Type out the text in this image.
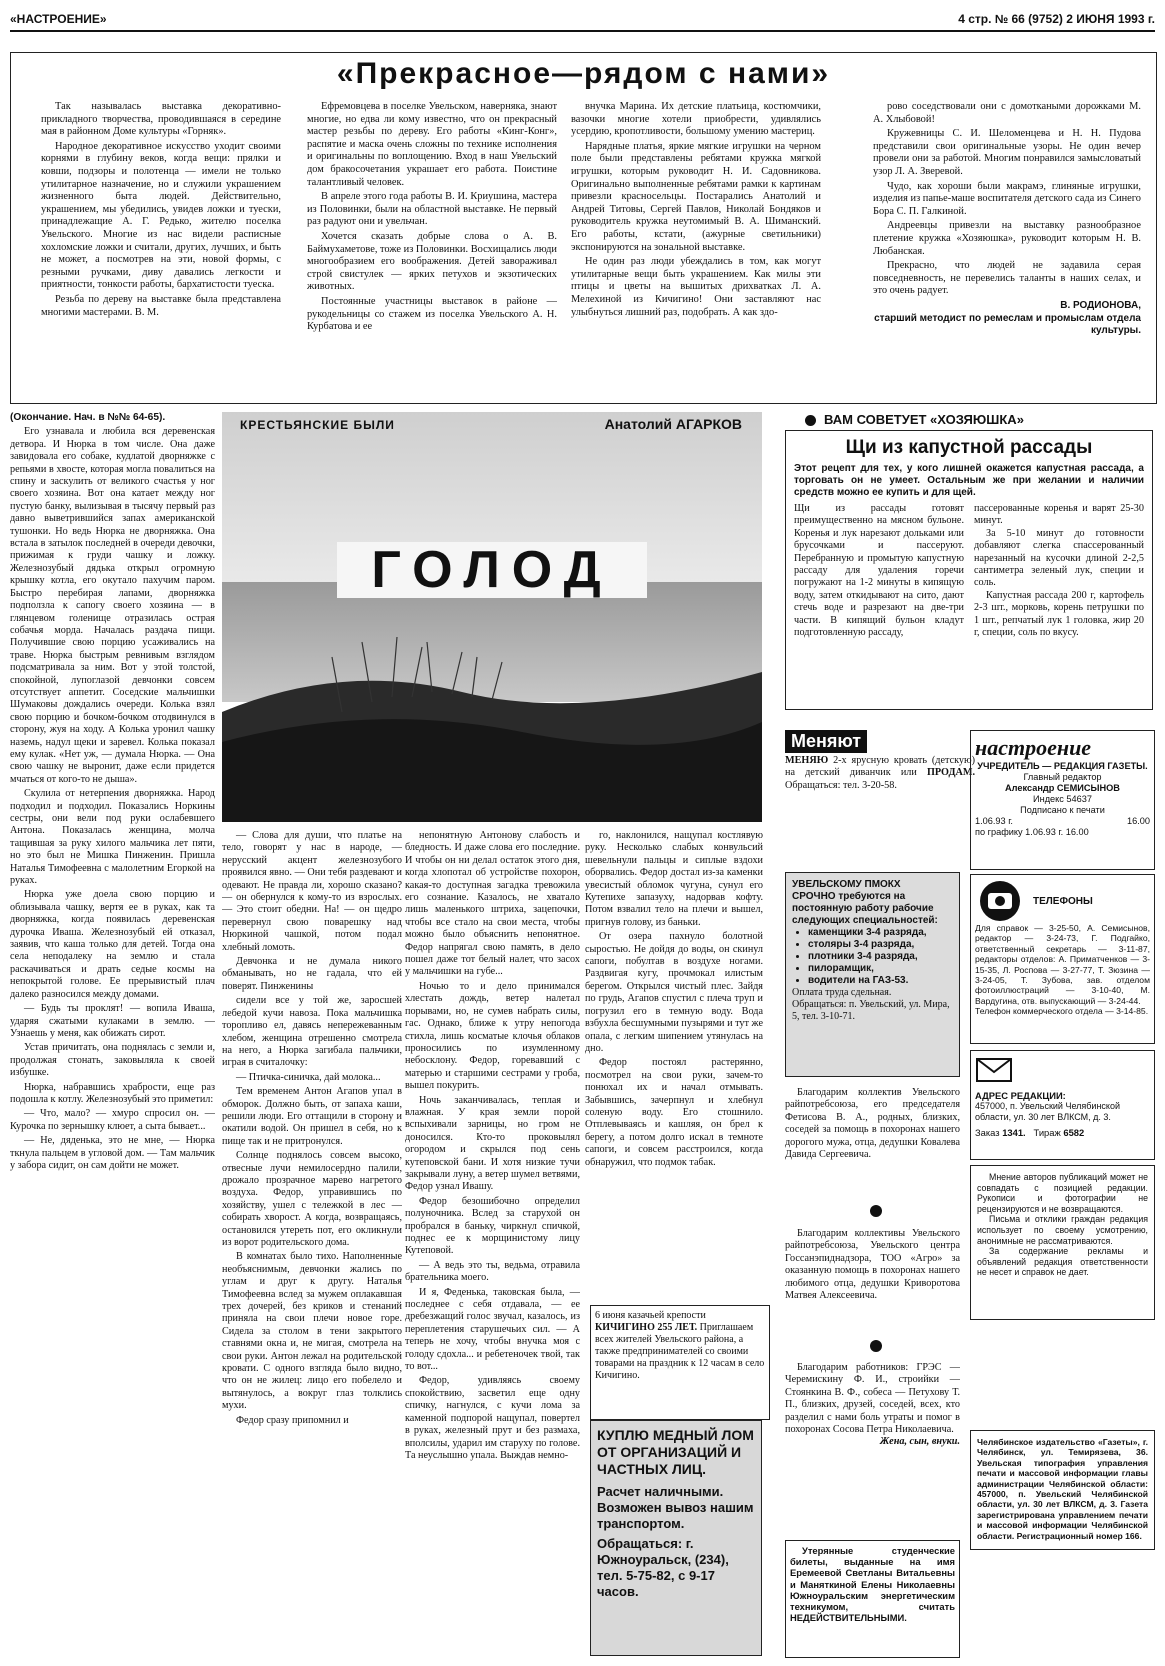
«НАСТРОЕНИЕ»	4 стр. № 66 (9752) 2 ИЮНЯ 1993 г.
«Прекрасное—рядом с нами»

Так называлась выставка декоративно-прикладного творчества, проводившаяся в середине мая в районном Доме культуры «Горняк».

Народное декоративное искусство уходит своими корнями в глубину веков, когда вещи: прялки и ковши, подзоры и полотенца — имели не только утилитарное назначение, но и служили украшением жизненного быта людей. Действительно, украшением, мы убедились, увидев ложки и туески, принадлежащие А. Г. Редько, жителю поселка Увельского. Многие из нас видели расписные хохломские ложки и считали, других, лучших, и быть не может, а посмотрев на эти, новой формы, с резными ручками, диву давались легкости и приятности, тонкости работы, бархатистости туеска.

Резьба по дереву на выставке была представлена многими мастерами. В. М.

Ефремовцева в поселке Увельском, наверняка, знают многие, но едва ли кому известно, что он прекрасный мастер резьбы по дереву. Его работы «Кинг-Конг», распятие и маска очень сложны по технике исполнения и оригинальны по воплощению. Вход в наш Увельский дом бракосочетания украшает его работа. Поистине талантливый человек.

В апреле этого года работы В. И. Криушина, мастера из Половинки, были на областной выставке. Не первый раз радуют они и увельчан.

Хочется сказать добрые слова о А. В. Баймухаметове, тоже из Половинки. Восхищались люди многообразием его воображения. Детей завораживал строй свистулек — ярких петухов и экзотических животных.

Постоянные участницы выставок в районе — рукодельницы со стажем из поселка Увельского А. Н. Курбатова и ее

внучка Марина. Их детские платьица, костюмчики, вазочки многие хотели приобрести, удивлялись усердию, кропотливости, большому умению мастериц.

Нарядные платья, яркие мягкие игрушки на черном поле были представлены ребятами кружка мягкой игрушки, которым руководит Н. И. Садовникова. Оригинально выполненные ребятами рамки к картинам привезли красносельцы. Постарались Анатолий и Андрей Титовы, Сергей Павлов, Николай Бондяков и руководитель кружка неутомимый В. А. Шиманский. Его работы, кстати, (ажурные светильники) экспонируются на зональной выставке.

Не один раз люди убеждались в том, как могут утилитарные вещи быть украшением. Как милы эти птицы и цветы на вышитых дрихватках Л. А. Мелехиной из Кичигино! Они заставляют нас улыбнуться лишний раз, подобрать. А как здо-

рово соседствовали они с домоткаными дорожками М. А. Хлыбовой!

Кружевницы С. И. Шеломенцева и Н. Н. Пудова представили свои оригинальные узоры. Не один вечер провели они за работой. Многим понравился замысловатый узор Л. А. Зверевой.

Чудо, как хороши были макрамэ, глиняные игрушки, изделия из папье-маше воспитателя детского сада из Синего Бора С. П. Галкиной.

Андреевцы привезли на выставку разнообразное плетение кружка «Хозяюшка», руководит которым Н. В. Любанская.

Прекрасно, что людей не задавила серая повседневность, не перевелись таланты в наших селах, и это очень радует.

В. РОДИОНОВА,
старший методист по ремеслам и промыслам отдела культуры.

(Окончание. Нач. в №№ 64-65).

Его узнавала и любила вся деревенская детвора. И Нюрка в том числе. Она даже завидовала его собаке, кудлатой дворняжке с репьями в хвосте, которая могла повалиться на спину и заскулить от великого счастья у ног своего хозяина. Вот она катает между ног пустую банку, вылизывая в тысячу первый раз давно выветрившийся запах американской тушонки. Но ведь Нюрка не дворняжка. Она встала в затылок последней в очереди девочки, прижимая к груди чашку и ложку. Железнозубый дядька открыл огромную крышку котла, его окутало пахучим паром. Быстро перебирая лапами, дворняжка подползла к сапогу своего хозяина — в глянцевом голенище отразилась острая собачья морда. Началась раздача пищи. Получившие свою порцию усаживались на траве. Нюрка быстрым ревнивым взглядом подсматривала за ним. Вот у этой толстой, спокойной, лупоглазой девчонки совсем отсутствует аппетит. Соседские мальчишки Шумаковы дождались очереди. Колька взял свою порцию и бочком-бочком отодвинулся в сторону, жуя на ходу. А Колька уронил чашку наземь, надул щеки и заревел. Колька показал ему кулак. «Нет уж, — думала Нюрка. — Она свою чашку не выронит, даже если придется мчаться от кого-то не дыша».

Скулила от нетерпения дворняжка. Народ подходил и подходил. Показались Норкины сестры, они вели под руки ослабевшего Антона. Показалась женщина, молча тащившая за руку хилого мальчика лет пяти, но это был не Мишка Пинженин. Пришла Наталья Тимофеевна с малолетним Егоркой на руках.

Нюрка уже доела свою порцию и облизывала чашку, вертя ее в руках, как та дворняжка, когда появилась деревенская дурочка Иваша. Железнозубый ей отказал, заявив, что каша только для детей. Тогда она села неподалеку на землю и стала раскачиваться и драть седые космы на непокрытой голове. Ее прерывистый плач далеко разносился между домами.

— Будь ты проклят! — вопила Иваша, ударяя сжатыми кулаками в землю. — Узнаешь у меня, как обижать сирот.

Устав причитать, она поднялась с земли и, продолжая стонать, заковыляла к своей избушке.

Нюрка, набравшись храбрости, еще раз подошла к котлу. Железнозубый это приметил:

— Что, мало? — хмуро спросил он. — Курочка по зернышку клюет, а сыта бывает...

— Не, дяденька, это не мне, — Нюрка ткнула пальцем в угловой дом. — Там мальчик у забора сидит, он сам дойти не может.

КРЕСТЬЯНСКИЕ БЫЛИ	Анатолий АГАРКОВ
ГОЛОД

— Слова для души, что платье на тело, говорят у нас в народе, — нерусский акцент железнозубого проявился явно. — Они тебя раздевают и одевают. Не правда ли, хорошо сказано? — он обернулся к кому-то из взрослых. — Это стоит обедни. На! — он щедро перевернул свою поварешку над Нюркиной чашкой, потом подал хлебный ломоть.

Девчонка и не думала никого обманывать, но не гадала, что ей поверят. Пинженины

сидели все у той же, заросшей лебедой кучи навоза. Пока мальчишка торопливо ел, давясь непережеванным хлебом, женщина отрешенно смотрела на него, а Нюрка загибала пальчики, играя в считалочку:

— Птичка-синичка, дай молока...

Тем временем Антон Агапов упал в обморок. Должно быть, от запаха каши, решили люди. Его оттащили в сторону и окатили водой. Он пришел в себя, но к пище так и не притронулся.

Солнце поднялось совсем высоко, отвесные лучи немилосердно палили, дрожало прозрачное марево нагретого воздуха. Федор, управившись по хозяйству, ушел с тележкой в лес — собирать хворост. А когда, возвращаясь, остановился утереть пот, его окликнули из ворот родительского дома.

В комнатах было тихо. Наполненные необъяснимым, девчонки жались по углам и друг к другу. Наталья Тимофеевна вслед за мужем оплакавшая трех дочерей, без криков и стенаний приняла на свои плечи новое горе. Сидела за столом в тени закрытого ставнями окна и, не мигая, смотрела на свои руки. Антон лежал на родительской кровати. С одного взгляда было видно, что он не жилец: лицо его побелело и вытянулось, а вокруг глаз толклись мухи.

Федор сразу припомнил и

непонятную Антонову слабость и бледность. И даже слова его последние. И чтобы он ни делал остаток этого дня, когда хлопотал об устройстве похорон, какая-то доступная загадка тревожила его сознание. Казалось, не хватало лишь маленького штриха, зацепочки, чтобы все стало на свои места, чтобы можно было объяснить непонятное. Федор напрягал свою память, в дело пошел даже тот белый налет, что засох у мальчишки на губе...

Ночью то и дело принимался хлестать дождь, ветер налетал порывами, но, не сумев набрать силы, гас. Однако, ближе к утру непогода стихла, лишь косматые клочья облаков проносились по изумленному небосклону. Федор, горевавший с матерью и старшими сестрами у гроба, вышел покурить.

Ночь заканчивалась, теплая и влажная. У края земли порой вспыхивали зарницы, но гром не доносился. Кто-то проковылял огородом и скрылся под сень кутеповской бани. И хотя низкие тучи закрывали луну, а ветер шумел ветвями, Федор узнал Ивашу.

Федор безошибочно определил полуночника. Вслед за старухой он пробрался в баньку, чиркнул спичкой, поднес ее к морщинистому лицу Кутеповой.

— А ведь это ты, ведьма, отравила брательника моего.

И я, Феденька, таковская была, — последнее с себя отдавала, — ее дребезжащий голос звучал, казалось, из переплетения старушечьих сил. — А теперь не хочу, чтобы внучка моя с голоду сдохла... и ребетеночек твой, так то вот...

Федор, удивляясь своему спокойствию, засветил еще одну спичку, нагнулся, с кучи лома за каменной подпорой нащупал, повертел в руках, железный прут и без размаха, вполсилы, ударил им старуху по голове. Та неуслышно упала. Выждав немно-

го, наклонился, нащупал костлявую руку. Несколько слабых конвульсий шевельнули пальцы и сиплые вздохи оборвались. Федор достал из-за каменки увесистый обломок чугуна, сунул его Кутепихе запазуху, надорвав кофту. Потом взвалил тело на плечи и вышел, пригнув голову, из баньки.

От озера пахнуло болотной сыростью. Не дойдя до воды, он скинул сапоги, побултав в воздухе ногами. Раздвигая кугу, прочмокал илистым берегом. Открылся чистый плес. Зайдя по грудь, Агапов спустил с плеча труп и погрузил его в темную воду. Вода взбухла бесшумными пузырями и тут же опала, с легким шипением утянулась на дно.

Федор постоял растерянно, посмотрел на свои руки, зачем-то понюхал их и начал отмывать. Забывшись, зачерпнул и хлебнул соленую воду. Его стошнило. Отплевываясь и кашляя, он брел к берегу, а потом долго искал в темноте сапоги, и совсем расстроился, когда обнаружил, что подмок табак.

6 июня казачьей крепости КИЧИГИНО 255 ЛЕТ. Приглашаем всех жителей Увельского района, а также предпринимателей со своими товарами на праздник к 12 часам в село Кичигино.
КУПЛЮ МЕДНЫЙ ЛОМ ОТ ОРГАНИЗАЦИЙ И ЧАСТНЫХ ЛИЦ.
Расчет наличными.
Возможен вывоз нашим транспортом.
Обращаться: г. Южноуральск, (234), тел. 5-75-82, с 9-17 часов.
ВАМ СОВЕТУЕТ «ХОЗЯЮШКА»
Щи из капустной рассады
Этот рецепт для тех, у кого лишней окажется капустная рассада, а торговать он не умеет. Остальным же при желании и наличии средств можно ее купить и для щей.
Щи из рассады готовят преимущественно на мясном бульоне. Коренья и лук нарезают дольками или брусочками и пассеруют. Перебранную и промытую капустную рассаду для удаления горечи погружают на 1-2 минуты в кипящую воду, затем откидывают на сито, дают стечь воде и разрезают на две-три части. В кипящий бульон кладут подготовленную рассаду,
пассерованные коренья и варят 25-30 минут.
За 5-10 минут до готовности добавляют слегка спассерованный нарезанный на кусочки длиной 2-2,5 сантиметра зеленый лук, специи и соль.
Капустная рассада 200 г, картофель 2-3 шт., морковь, корень петрушки по 1 шт., репчатый лук 1 головка, жир 20 г, специи, соль по вкусу.
Меняют
МЕНЯЮ 2-х ярусную кровать (детскую) на детский диванчик или ПРОДАМ. Обращаться: тел. 3-20-58.
УВЕЛЬСКОМУ ПМОКХ
СРОЧНО требуются на постоянную работу рабочие следующих специальностей:
• каменщики 3-4 разряда,
• столяры 3-4 разряда,
• плотники 3-4 разряда,
• пилорамщик,
• водители на ГАЗ-53.
Оплата труда сдельная.
Обращаться: п. Увельский, ул. Мира, 5, тел. 3-10-71.
Благодарим коллектив Увельского райпотребсоюза, его председателя Фетисова В. А., родных, близких, соседей за помощь в похоронах нашего дорогого мужа, отца, дедушки Ковалева Давида Сергеевича.
Благодарим коллективы Увельского райпотребсоюза, Увельского центра Госсанэпиднадзора, ТОО «Агро» за оказанную помощь в похоронах нашего любимого отца, дедушки Криворотова Матвея Алексеевича.
Благодарим работников: ГРЭС — Черемискину Ф. И., строийки — Стоянкина В. Ф., собеса — Петухову Т. П., близких, друзей, соседей, всех, кто разделил с нами боль утраты и помог в похоронах Сосова Петра Николаевича.
Жена, сын, внуки.
Утерянные студенческие билеты, выданные на имя Еремеевой Светланы Витальевны и Маняткиной Елены Николаевны Южноуральским энергетическим техникумом, считать НЕДЕЙСТВИТЕЛЬНЫМИ.
настроение
УЧРЕДИТЕЛЬ — РЕДАКЦИЯ ГАЗЕТЫ.
Главный редактор
Александр СЕМИСЫНОВ
Индекс 54637
Подписано к печати
1.06.93 г.	16.00
по графику 1.06.93 г. 16.00
ТЕЛЕФОНЫ
Для справок — 3-25-50, А. Семисынов, редактор — 3-24-73, Г. Подгайко, ответственный секретарь — 3-11-87, редакторы отделов: А. Приматченков — 3-15-35, Л. Роспова — 3-27-77, Т. Зюзина — 3-24-05, Т. Зубова, зав. отделом фотоиллюстраций — 3-10-40, М. Вардугина, отв. выпускающий — 3-24-44.
Телефон коммерческого отдела — 3-14-85.
АДРЕС РЕДАКЦИИ:
457000, п. Увельский Челябинской области, ул. 30 лет ВЛКСМ, д. 3.
Заказ 1341. Тираж 6582
Мнение авторов публикаций может не совпадать с позицией редакции. Рукописи и фотографии не рецензируются и не возвращаются.
Письма и отклики граждан редакция использует по своему усмотрению, анонимные не рассматриваются.
За содержание рекламы и объявлений редакция ответственности не несет и справок не дает.
Челябинское издательство «Газеты», г. Челябинск, ул. Темирязева, 36. Увельская типография управления печати и массовой информации главы администрации Челябинской области: 457000, п. Увельский Челябинской области, ул. 30 лет ВЛКСМ, д. 3. Газета зарегистрирована управлением печати и массовой информации Челябинской области. Регистрационный номер 166.
